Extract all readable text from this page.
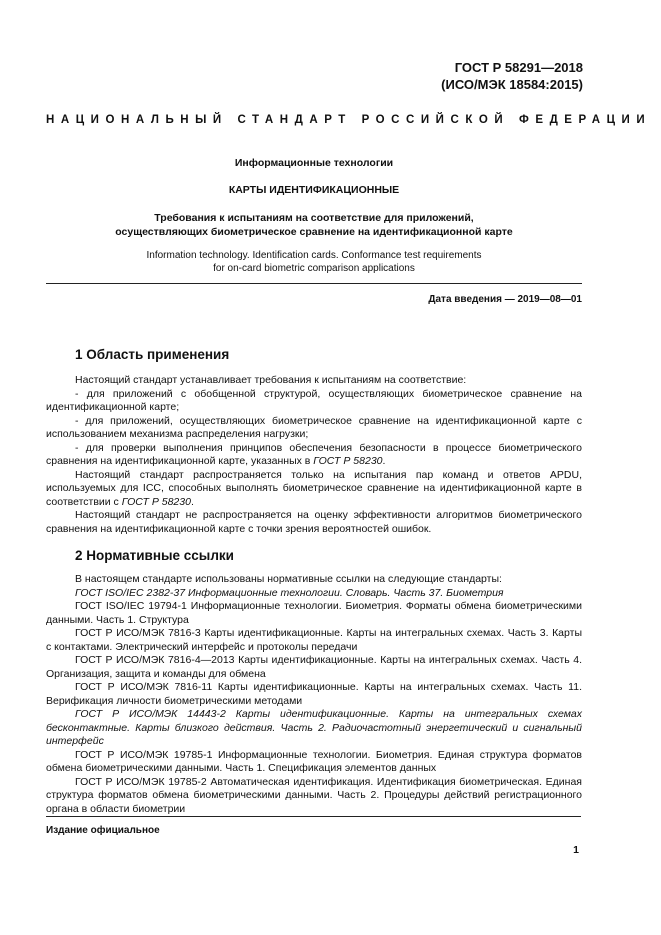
ГОСТ Р 58291—2018
(ИСО/МЭК 18584:2015)
НАЦИОНАЛЬНЫЙ СТАНДАРТ РОССИЙСКОЙ ФЕДЕРАЦИИ
Информационные технологии
КАРТЫ ИДЕНТИФИКАЦИОННЫЕ
Требования к испытаниям на соответствие для приложений,
осуществляющих биометрическое сравнение на идентификационной карте
Information technology. Identification cards. Conformance test requirements
for on-card biometric comparison applications
Дата введения — 2019—08—01
1 Область применения

Настоящий стандарт устанавливает требования к испытаниям на соответствие:

- для приложений с обобщенной структурой, осуществляющих биометрическое сравнение на идентификационной карте;

- для приложений, осуществляющих биометрическое сравнение на идентификационной карте с использованием механизма распределения нагрузки;

- для проверки выполнения принципов обеспечения безопасности в процессе биометрического сравнения на идентификационной карте, указанных в ГОСТ Р 58230.

Настоящий стандарт распространяется только на испытания пар команд и ответов APDU, используемых для ICC, способных выполнять биометрическое сравнение на идентификационной карте в соответствии с ГОСТ Р 58230.

Настоящий стандарт не распространяется на оценку эффективности алгоритмов биометрического сравнения на идентификационной карте с точки зрения вероятностей ошибок.

2 Нормативные ссылки

В настоящем стандарте использованы нормативные ссылки на следующие стандарты:

ГОСТ ISO/IEC 2382-37 Информационные технологии. Словарь. Часть 37. Биометрия

ГОСТ ISO/IEC 19794-1 Информационные технологии. Биометрия. Форматы обмена биометрическими данными. Часть 1. Структура

ГОСТ Р ИСО/МЭК 7816-3 Карты идентификационные. Карты на интегральных схемах. Часть 3. Карты с контактами. Электрический интерфейс и протоколы передачи

ГОСТ Р ИСО/МЭК 7816-4—2013 Карты идентификационные. Карты на интегральных схемах. Часть 4. Организация, защита и команды для обмена

ГОСТ Р ИСО/МЭК 7816-11 Карты идентификационные. Карты на интегральных схемах. Часть 11. Верификация личности биометрическими методами

ГОСТ Р ИСО/МЭК 14443-2 Карты идентификационные. Карты на интегральных схемах бесконтактные. Карты близкого действия. Часть 2. Радиочастотный энергетический и сигнальный интерфейс

ГОСТ Р ИСО/МЭК 19785-1 Информационные технологии. Биометрия. Единая структура форматов обмена биометрическими данными. Часть 1. Спецификация элементов данных

ГОСТ Р ИСО/МЭК 19785-2 Автоматическая идентификация. Идентификация биометрическая. Единая структура форматов обмена биометрическими данными. Часть 2. Процедуры действий регистрационного органа в области биометрии

Издание официальное
1
